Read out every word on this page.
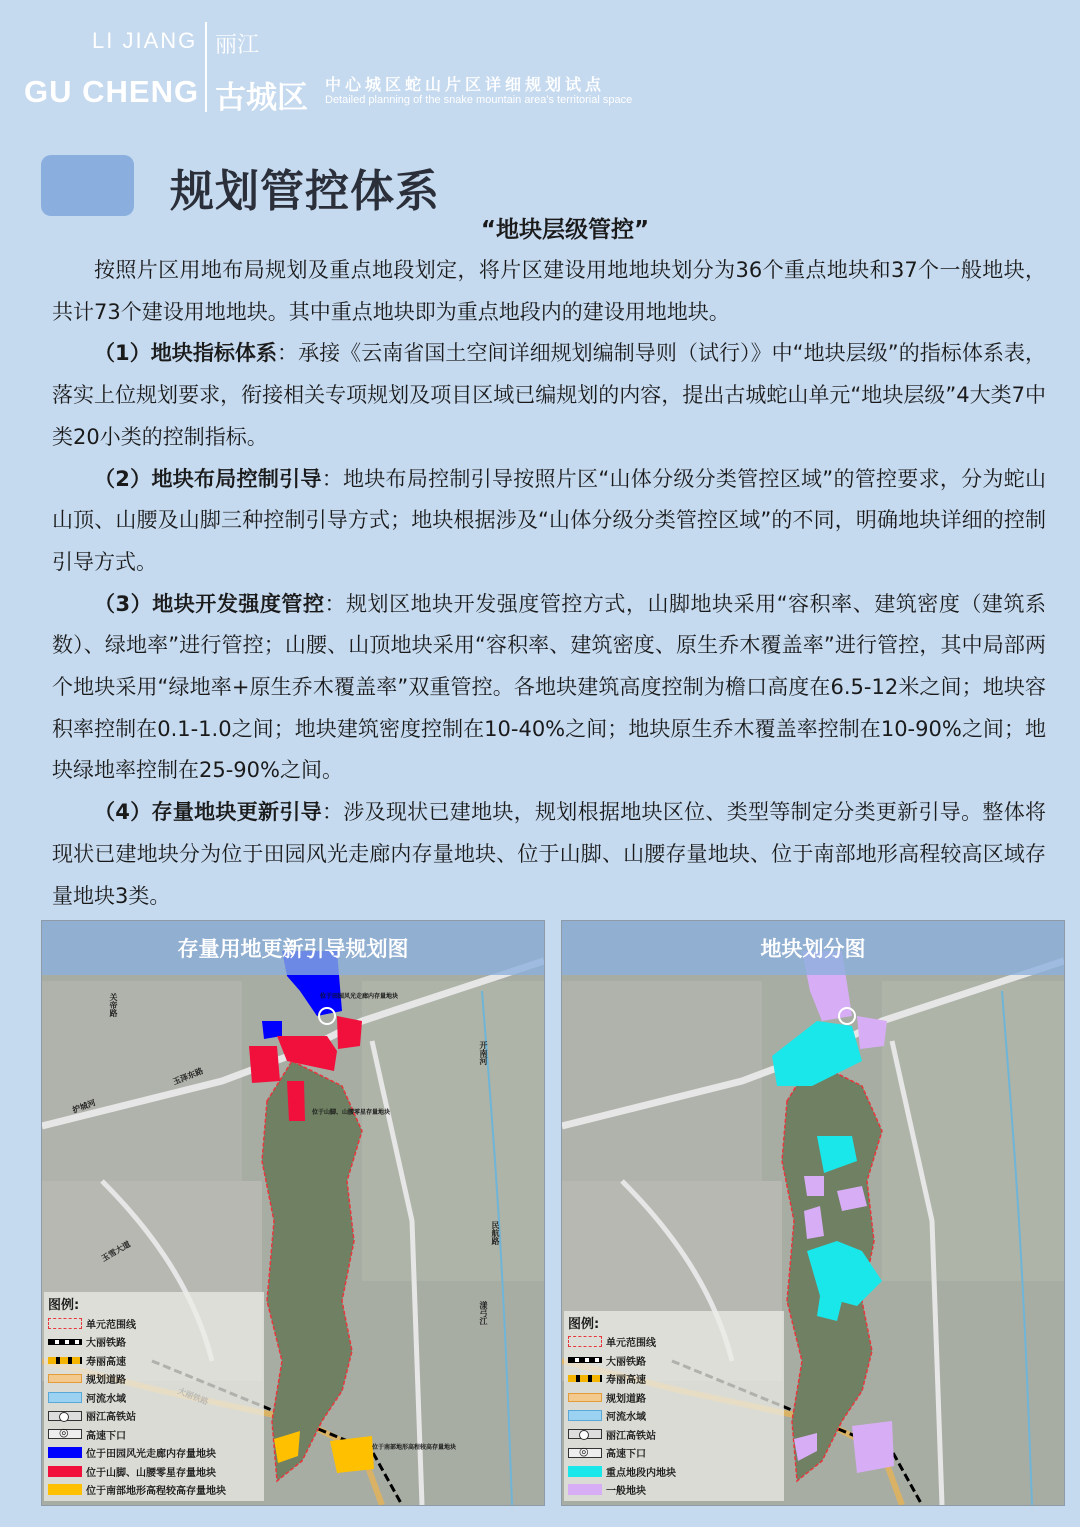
LI JIANG
GU CHENG
丽江
古城区 中心城区蛇山片区详细规划试点
Detailed planning of the snake mountain area's territorial space
规划管控体系
“地块层级管控”

按照片区用地布局规划及重点地段划定，将片区建设用地地块划分为36个重点地块和37个一般地块，共计73个建设用地地块。其中重点地块即为重点地段内的建设用地地块。

（1）地块指标体系：承接《云南省国土空间详细规划编制导则（试行）》中“地块层级”的指标体系表，落实上位规划要求，衔接相关专项规划及项目区域已编规划的内容，提出古城蛇山单元“地块层级”4大类7中类20小类的控制指标。

（2）地块布局控制引导：地块布局控制引导按照片区“山体分级分类管控区域”的管控要求，分为蛇山山顶、山腰及山脚三种控制引导方式；地块根据涉及“山体分级分类管控区域”的不同，明确地块详细的控制引导方式。

（3）地块开发强度管控：规划区地块开发强度管控方式，山脚地块采用“容积率、建筑密度（建筑系数）、绿地率”进行管控；山腰、山顶地块采用“容积率、建筑密度、原生乔木覆盖率”进行管控，其中局部两个地块采用“绿地率+原生乔木覆盖率”双重管控。各地块建筑高度控制为檐口高度在6.5-12米之间；地块容积率控制在0.1-1.0之间；地块建筑密度控制在10-40%之间；地块原生乔木覆盖率控制在10-90%之间；地块绿地率控制在25-90%之间。

（4）存量地块更新引导：涉及现状已建地块，规划根据地块区位、类型等制定分类更新引导。整体将现状已建地块分为位于田园风光走廊内存量地块、位于山脚、山腰存量地块、位于南部地形高程较高区域存量地块3类。

存量用地更新引导规划图
位于田园风光走廊内存量地块
位于山脚、山腰零星存量地块
位于南部地形高程较高存量地块
玉泽东路
护城河
开南河
漾弓江
民航路
玉雪大道
关帝路
图例:
单元范围线
大丽铁路
寿丽高速
规划道路
河流水域
丽江高铁站
◎
高速下口
位于田园风光走廊内存量地块
位于山脚、山腰零星存量地块
位于南部地形高程较高存量地块
地块划分图
图例:
单元范围线
大丽铁路
寿丽高速
规划道路
河流水域
丽江高铁站
◎
高速下口
重点地段内地块
一般地块
